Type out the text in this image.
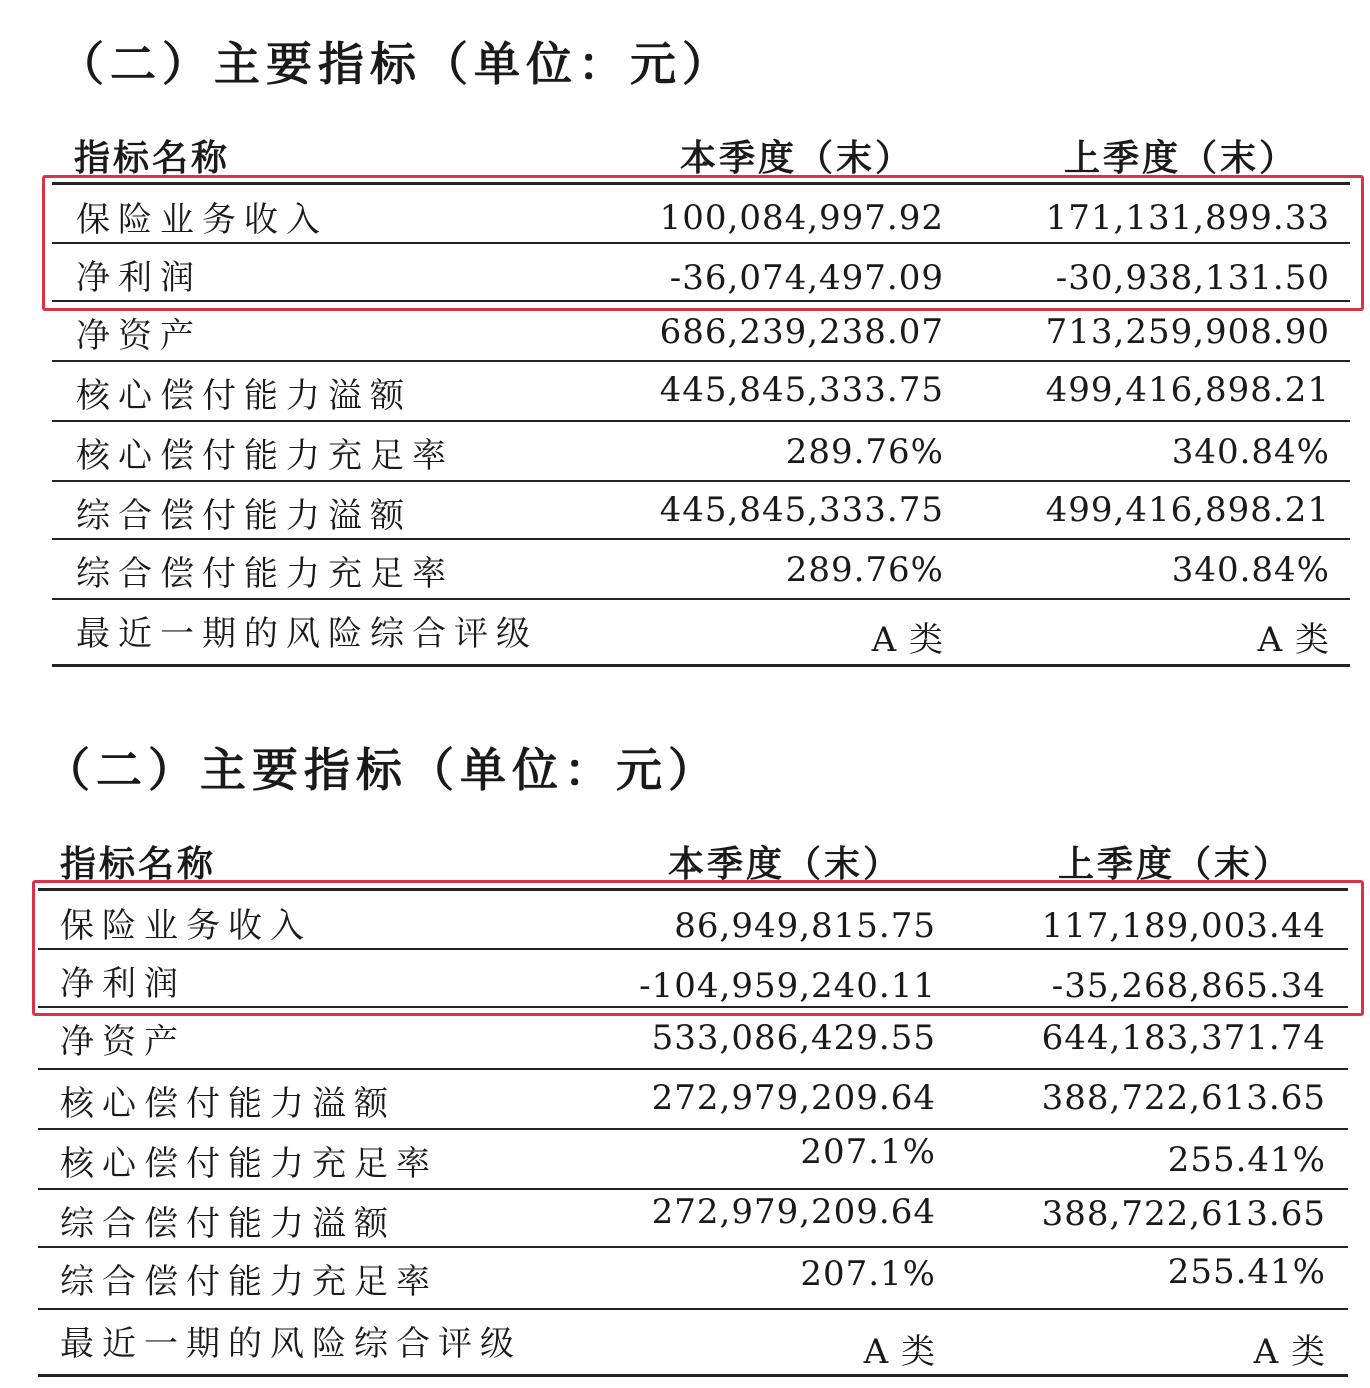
（二）主要指标（单位：元）
指标名称	本季度（末）	上季度（末）
保险业务收入	100,084,997.92	171,131,899.33
净利润	-36,074,497.09	-30,938,131.50
净资产	686,239,238.07	713,259,908.90
核心偿付能力溢额	445,845,333.75	499,416,898.21
核心偿付能力充足率	289.76%	340.84%
综合偿付能力溢额	445,845,333.75	499,416,898.21
综合偿付能力充足率	289.76%	340.84%
最近一期的风险综合评级	A 类	A 类
（二）主要指标（单位：元）
指标名称	本季度（末）	上季度（末）
保险业务收入	86,949,815.75	117,189,003.44
净利润	-104,959,240.11	-35,268,865.34
净资产	533,086,429.55	644,183,371.74
核心偿付能力溢额	272,979,209.64	388,722,613.65
核心偿付能力充足率	207.1%	255.41%
综合偿付能力溢额	272,979,209.64	388,722,613.65
综合偿付能力充足率	207.1%	255.41%
最近一期的风险综合评级	A 类	A 类
